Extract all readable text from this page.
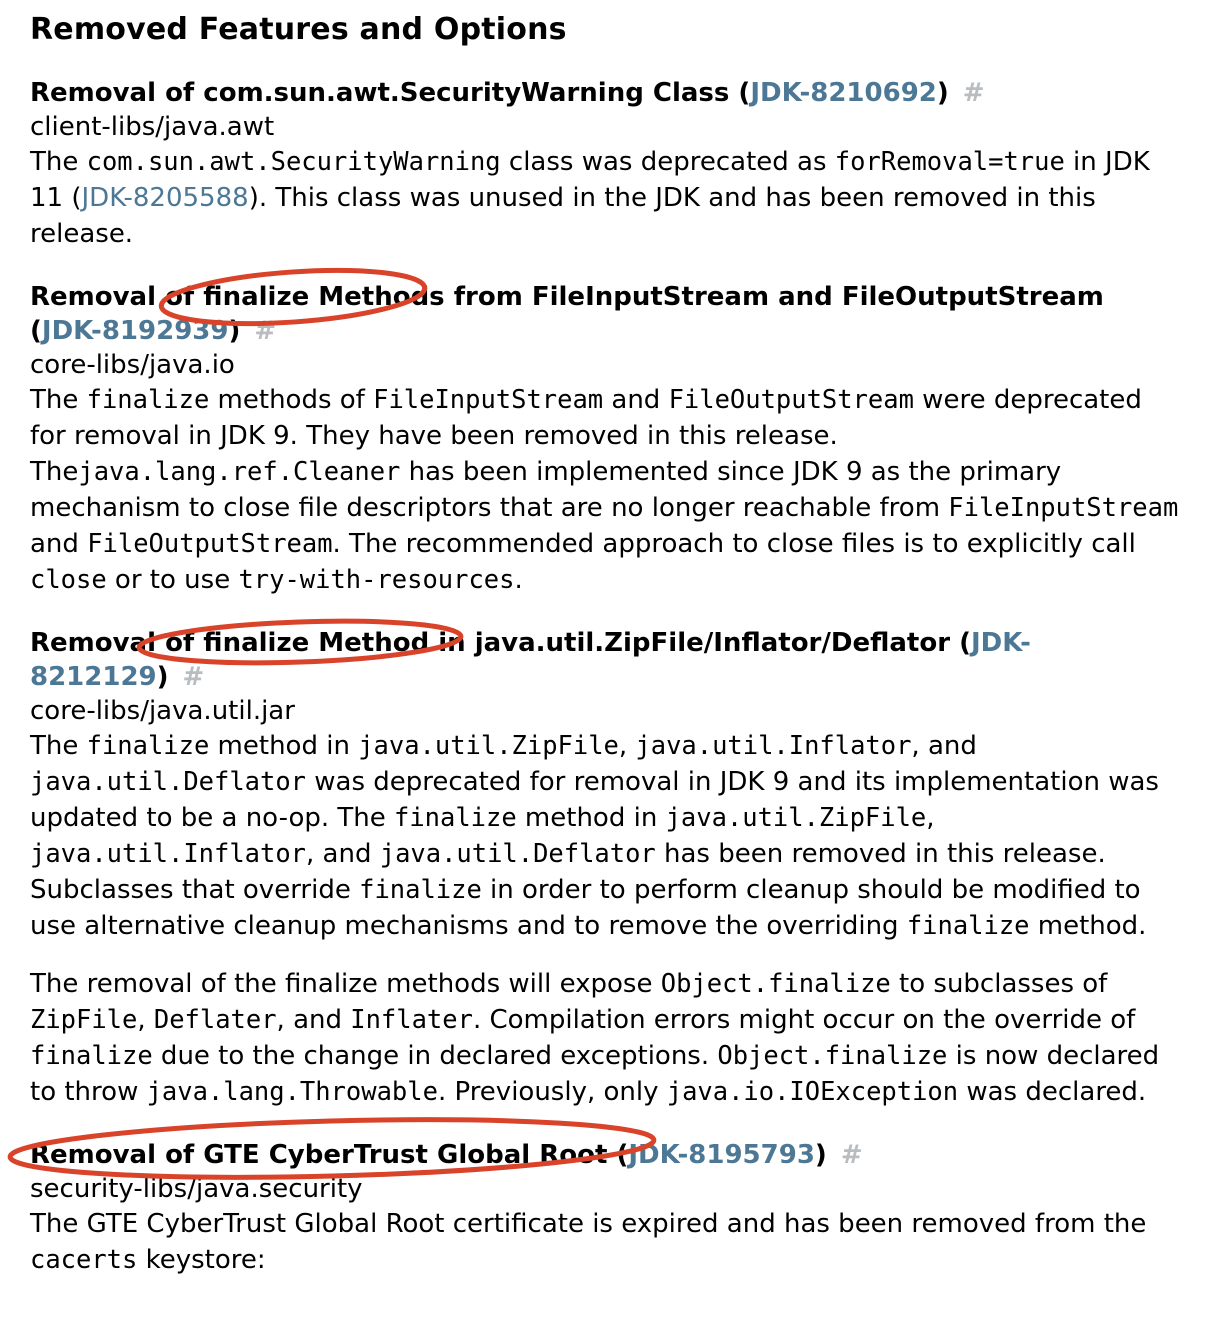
Removed Features and Options
Removal of com.sun.awt.SecurityWarning Class (JDK-8210692) #
client-libs/java.awt

The com.sun.awt.SecurityWarning class was deprecated as forRemoval=true in JDK 11 (JDK-8205588). This class was unused in the JDK and has been removed in this release.

Removal of finalize Methods from FileInputStream and FileOutputStream (JDK-8192939) #
core-libs/java.io

The finalize methods of FileInputStream and FileOutputStream were deprecated for removal in JDK 9. They have been removed in this release. Thejava.lang.ref.Cleaner has been implemented since JDK 9 as the primary mechanism to close file descriptors that are no longer reachable from FileInputStream and FileOutputStream. The recommended approach to close files is to explicitly call close or to use try-with-resources.

Removal of finalize Method in java.util.ZipFile/Inflator/Deflator (JDK-8212129) #
core-libs/java.util.jar

The finalize method in java.util.ZipFile, java.util.Inflator, and java.util.Deflator was deprecated for removal in JDK 9 and its implementation was updated to be a no-op. The finalize method in java.util.ZipFile, java.util.Inflator, and java.util.Deflator has been removed in this release. Subclasses that override finalize in order to perform cleanup should be modified to use alternative cleanup mechanisms and to remove the overriding finalize method.

The removal of the finalize methods will expose Object.finalize to subclasses of ZipFile, Deflater, and Inflater. Compilation errors might occur on the override of finalize due to the change in declared exceptions. Object.finalize is now declared to throw java.lang.Throwable. Previously, only java.io.IOException was declared.

Removal of GTE CyberTrust Global Root (JDK-8195793) #
security-libs/java.security

The GTE CyberTrust Global Root certificate is expired and has been removed from the cacerts keystore:
